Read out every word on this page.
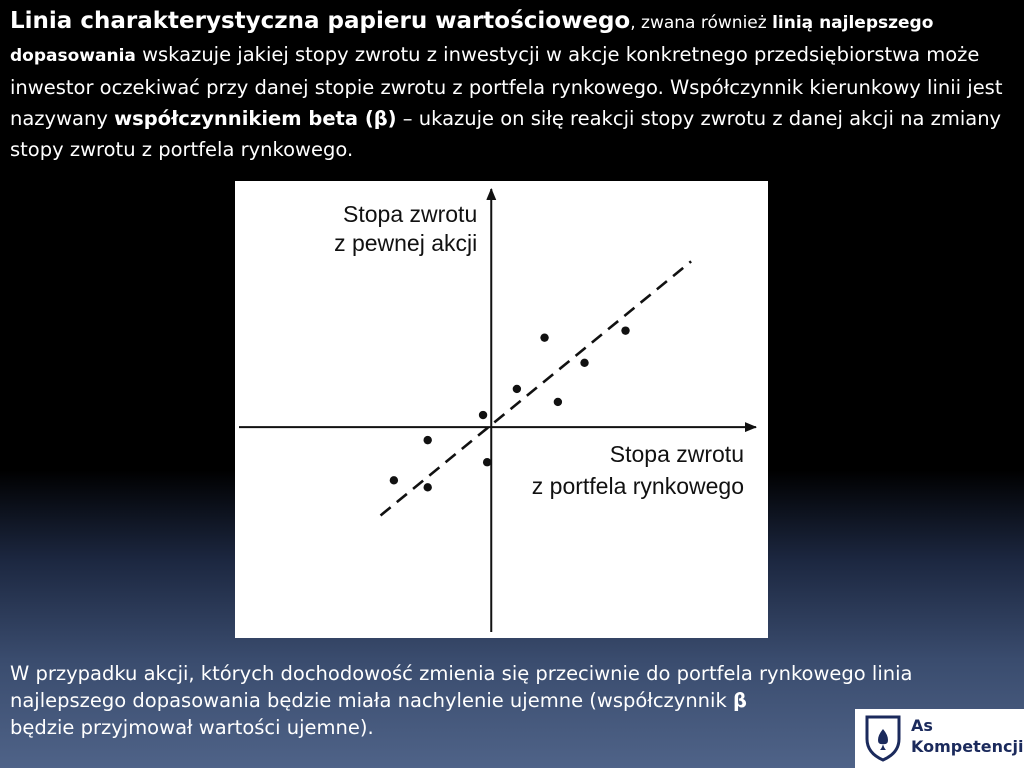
Linia charakterystyczna papieru wartościowego, zwana również linią najlepszego dopasowania wskazuje jakiej stopy zwrotu z inwestycji w akcje konkretnego przedsiębiorstwa może inwestor oczekiwać przy danej stopie zwrotu z portfela rynkowego. Współczynnik kierunkowy linii jest nazywany współczynnikiem beta (β) – ukazuje on siłę reakcji stopy zwrotu z danej akcji na zmiany stopy zwrotu z portfela rynkowego.
Stopa zwrotu
z pewnej akcji
Stopa zwrotu
z portfela rynkowego
W przypadku akcji, których dochodowość zmienia się przeciwnie do portfela rynkowego linia najlepszego dopasowania będzie miała nachylenie ujemne (współczynnik β
będzie przyjmował wartości ujemne).	As
Kompetencji
